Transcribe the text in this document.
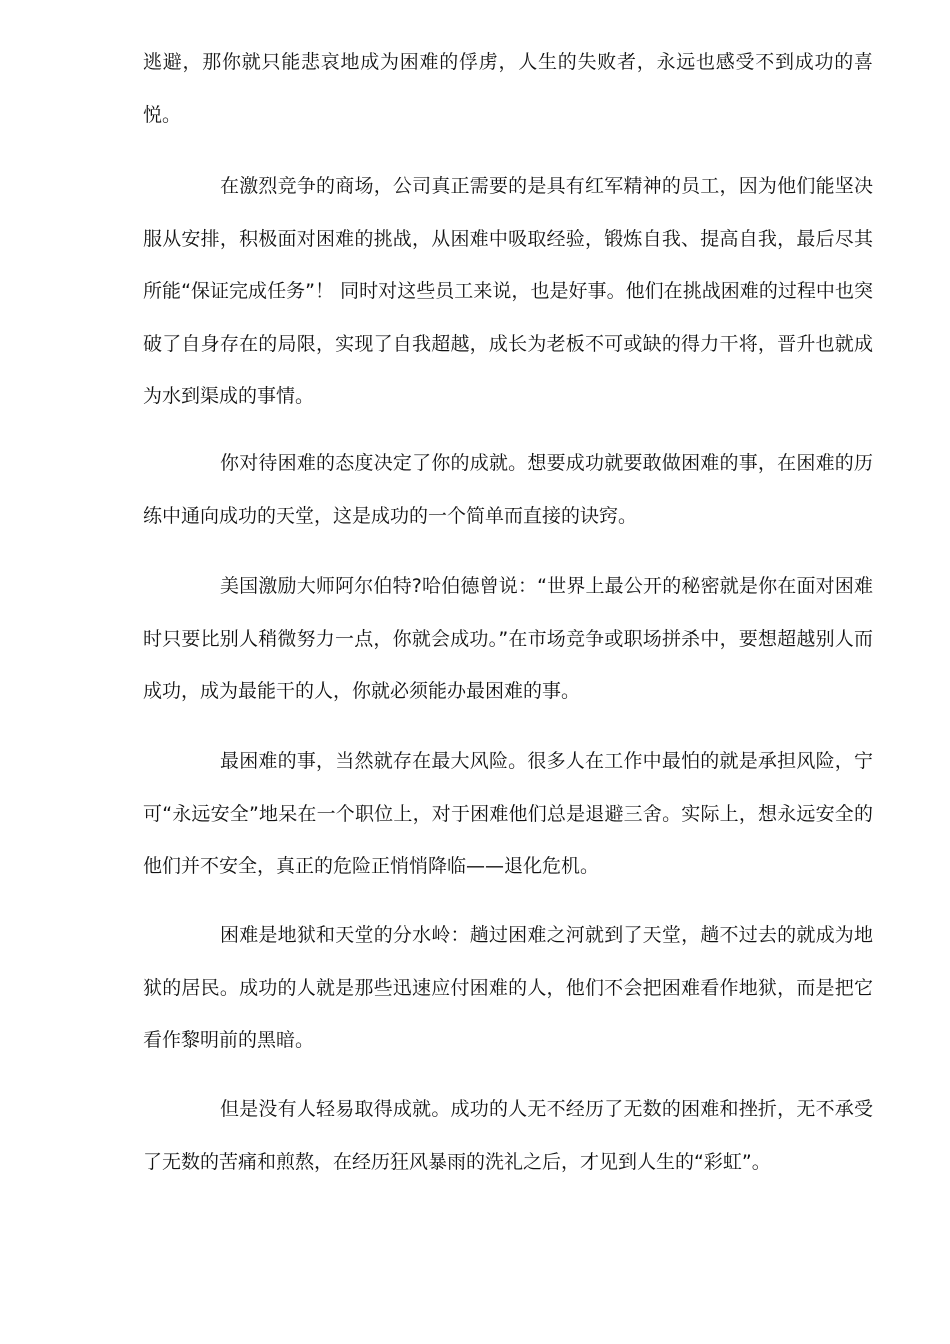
逃避，那你就只能悲哀地成为困难的俘虏，人生的失败者，永远也感受不到成功的喜悦。

在激烈竞争的商场，公司真正需要的是具有红军精神的员工，因为他们能坚决服从安排，积极面对困难的挑战，从困难中吸取经验，锻炼自我、提高自我，最后尽其所能“保证完成任务”！ 同时对这些员工来说，也是好事。他们在挑战困难的过程中也突破了自身存在的局限，实现了自我超越，成长为老板不可或缺的得力干将，晋升也就成为水到渠成的事情。

你对待困难的态度决定了你的成就。想要成功就要敢做困难的事，在困难的历练中通向成功的天堂，这是成功的一个简单而直接的诀窍。

美国激励大师阿尔伯特?哈伯德曾说：“世界上最公开的秘密就是你在面对困难时只要比别人稍微努力一点，你就会成功。”在市场竞争或职场拼杀中，要想超越别人而成功，成为最能干的人，你就必须能办最困难的事。

最困难的事，当然就存在最大风险。很多人在工作中最怕的就是承担风险，宁可“永远安全”地呆在一个职位上，对于困难他们总是退避三舍。实际上，想永远安全的他们并不安全，真正的危险正悄悄降临——退化危机。

困难是地狱和天堂的分水岭：趟过困难之河就到了天堂，趟不过去的就成为地狱的居民。成功的人就是那些迅速应付困难的人，他们不会把困难看作地狱，而是把它看作黎明前的黑暗。

但是没有人轻易取得成就。成功的人无不经历了无数的困难和挫折，无不承受了无数的苦痛和煎熬，在经历狂风暴雨的洗礼之后，才见到人生的“彩虹”。
